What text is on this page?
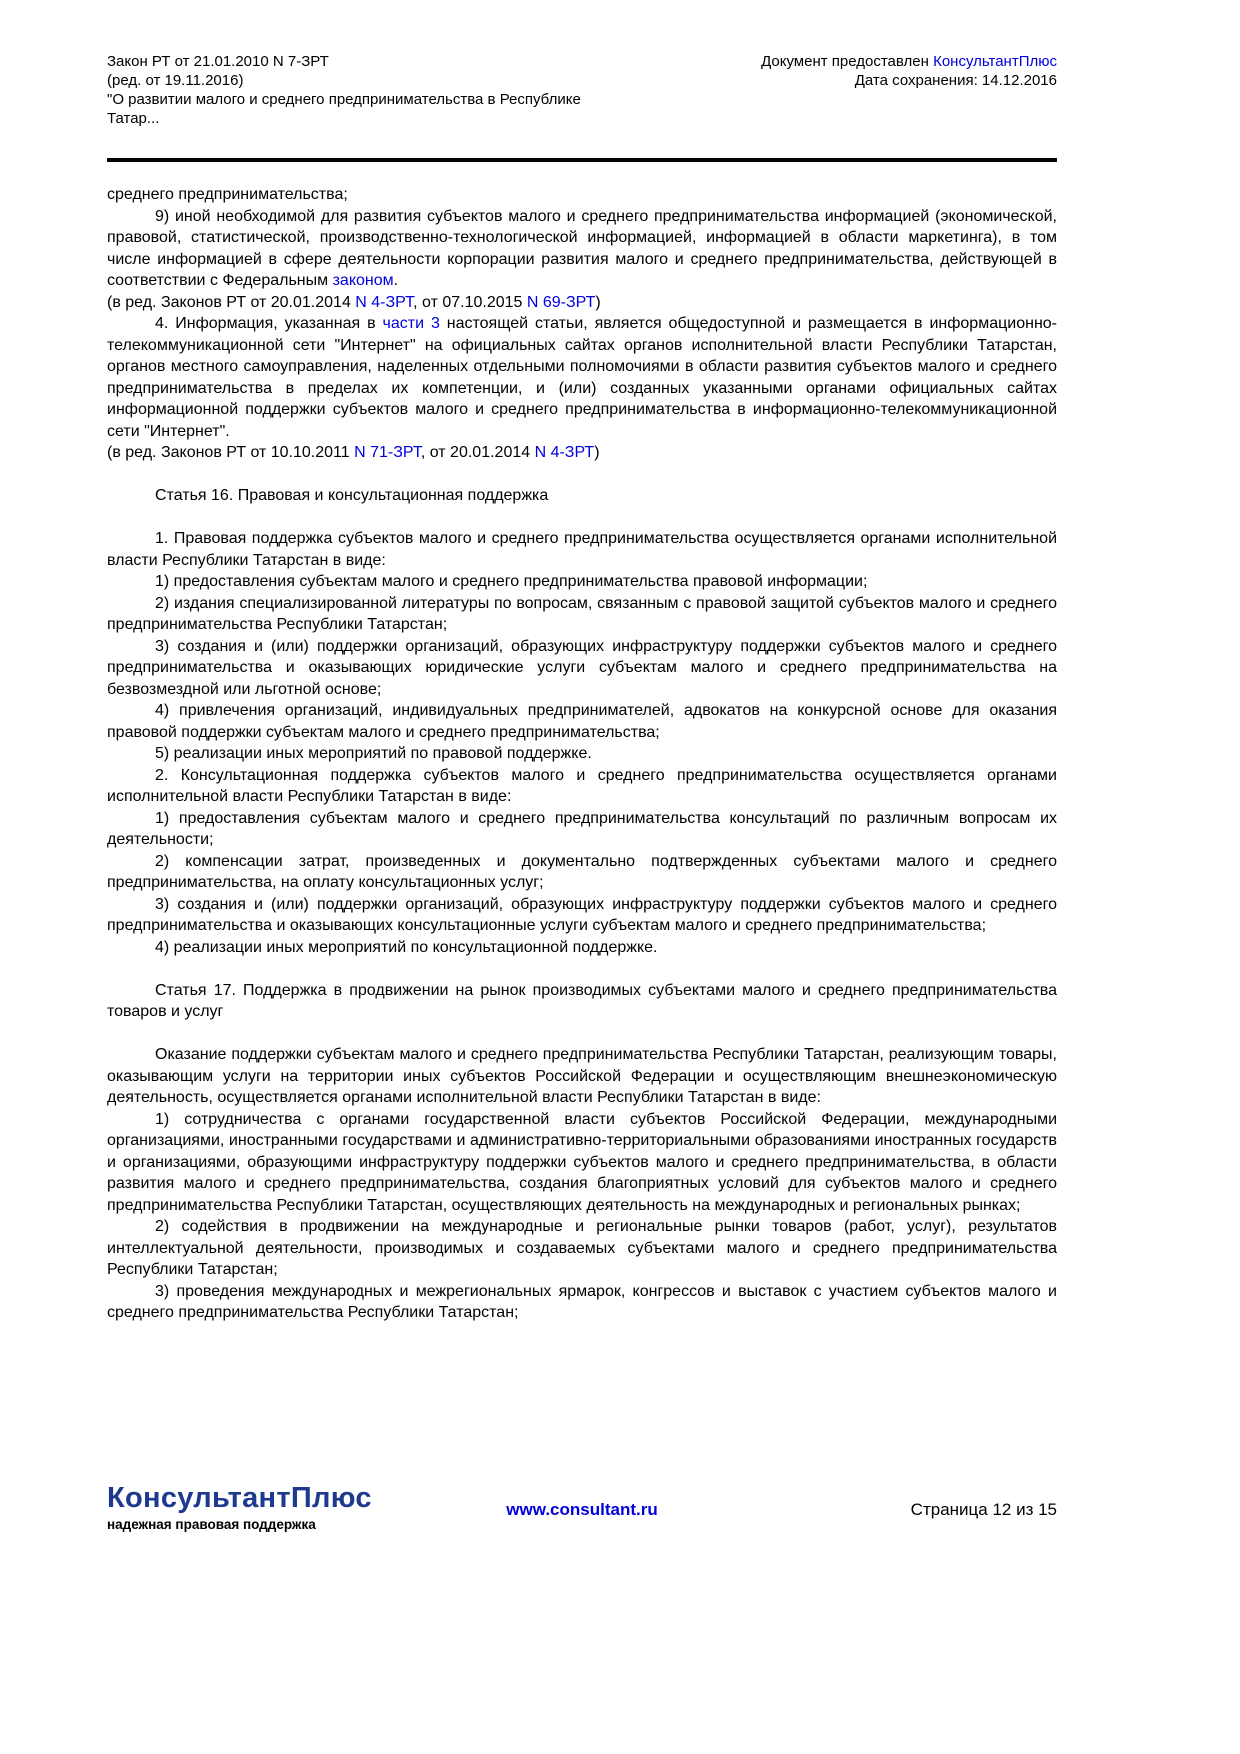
Закон РТ от 21.01.2010 N 7-ЗРТ
(ред. от 19.11.2016)
"О развитии малого и среднего предпринимательства в Республике
Татар...
Документ предоставлен КонсультантПлюс
Дата сохранения: 14.12.2016
среднего предпринимательства;
9) иной необходимой для развития субъектов малого и среднего предпринимательства информацией (экономической, правовой, статистической, производственно-технологической информацией, информацией в области маркетинга), в том числе информацией в сфере деятельности корпорации развития малого и среднего предпринимательства, действующей в соответствии с Федеральным законом.
(в ред. Законов РТ от 20.01.2014 N 4-ЗРТ, от 07.10.2015 N 69-ЗРТ)
4. Информация, указанная в части 3 настоящей статьи, является общедоступной и размещается в информационно-телекоммуникационной сети "Интернет" на официальных сайтах органов исполнительной власти Республики Татарстан, органов местного самоуправления, наделенных отдельными полномочиями в области развития субъектов малого и среднего предпринимательства в пределах их компетенции, и (или) созданных указанными органами официальных сайтах информационной поддержки субъектов малого и среднего предпринимательства в информационно-телекоммуникационной сети "Интернет".
(в ред. Законов РТ от 10.10.2011 N 71-ЗРТ, от 20.01.2014 N 4-ЗРТ)
Статья 16. Правовая и консультационная поддержка
1. Правовая поддержка субъектов малого и среднего предпринимательства осуществляется органами исполнительной власти Республики Татарстан в виде:
1) предоставления субъектам малого и среднего предпринимательства правовой информации;
2) издания специализированной литературы по вопросам, связанным с правовой защитой субъектов малого и среднего предпринимательства Республики Татарстан;
3) создания и (или) поддержки организаций, образующих инфраструктуру поддержки субъектов малого и среднего предпринимательства и оказывающих юридические услуги субъектам малого и среднего предпринимательства на безвозмездной или льготной основе;
4) привлечения организаций, индивидуальных предпринимателей, адвокатов на конкурсной основе для оказания правовой поддержки субъектам малого и среднего предпринимательства;
5) реализации иных мероприятий по правовой поддержке.
2. Консультационная поддержка субъектов малого и среднего предпринимательства осуществляется органами исполнительной власти Республики Татарстан в виде:
1) предоставления субъектам малого и среднего предпринимательства консультаций по различным вопросам их деятельности;
2) компенсации затрат, произведенных и документально подтвержденных субъектами малого и среднего предпринимательства, на оплату консультационных услуг;
3) создания и (или) поддержки организаций, образующих инфраструктуру поддержки субъектов малого и среднего предпринимательства и оказывающих консультационные услуги субъектам малого и среднего предпринимательства;
4) реализации иных мероприятий по консультационной поддержке.
Статья 17. Поддержка в продвижении на рынок производимых субъектами малого и среднего предпринимательства товаров и услуг
Оказание поддержки субъектам малого и среднего предпринимательства Республики Татарстан, реализующим товары, оказывающим услуги на территории иных субъектов Российской Федерации и осуществляющим внешнеэкономическую деятельность, осуществляется органами исполнительной власти Республики Татарстан в виде:
1) сотрудничества с органами государственной власти субъектов Российской Федерации, международными организациями, иностранными государствами и административно-территориальными образованиями иностранных государств и организациями, образующими инфраструктуру поддержки субъектов малого и среднего предпринимательства, в области развития малого и среднего предпринимательства, создания благоприятных условий для субъектов малого и среднего предпринимательства Республики Татарстан, осуществляющих деятельность на международных и региональных рынках;
2) содействия в продвижении на международные и региональные рынки товаров (работ, услуг), результатов интеллектуальной деятельности, производимых и создаваемых субъектами малого и среднего предпринимательства Республики Татарстан;
3) проведения международных и межрегиональных ярмарок, конгрессов и выставок с участием субъектов малого и среднего предпринимательства Республики Татарстан;
КонсультантПлюс
надежная правовая поддержка
www.consultant.ru	Страница 12 из 15
